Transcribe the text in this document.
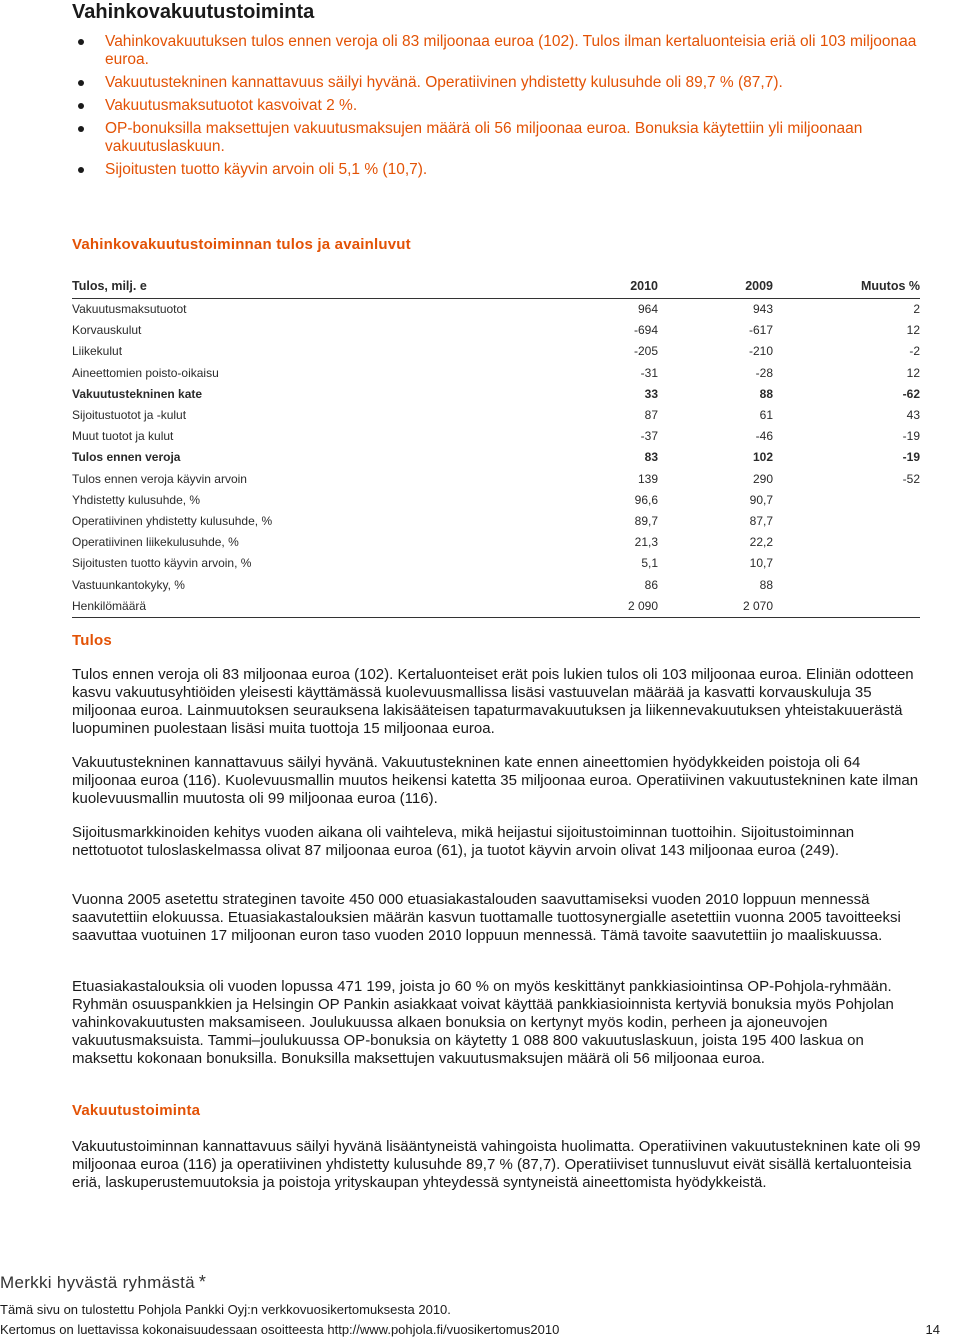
Vahinkovakuutustoiminta
Vahinkovakuutuksen tulos ennen veroja oli 83 miljoonaa euroa (102). Tulos ilman kertaluonteisia eriä oli 103 miljoonaa euroa.
Vakuutustekninen kannattavuus säilyi hyvänä. Operatiivinen yhdistetty kulusuhde oli 89,7 % (87,7).
Vakuutusmaksutuotot kasvoivat 2 %.
OP-bonuksilla maksettujen vakuutusmaksujen määrä oli 56 miljoonaa euroa. Bonuksia käytettiin yli miljoonaan vakuutuslaskuun.
Sijoitusten tuotto käyvin arvoin oli 5,1 % (10,7).
Vahinkovakuutustoiminnan tulos ja avainluvut
Tulos, milj. e	2010	2009	Muutos %
Vakuutusmaksutuotot	964	943	2
Korvauskulut	-694	-617	12
Liikekulut	-205	-210	-2
Aineettomien poisto-oikaisu	-31	-28	12
Vakuutustekninen kate	33	88	-62
Sijoitustuotot ja -kulut	87	61	43
Muut tuotot ja kulut	-37	-46	-19
Tulos ennen veroja	83	102	-19
Tulos ennen veroja käyvin arvoin	139	290	-52
Yhdistetty kulusuhde, %	96,6	90,7	
Operatiivinen yhdistetty kulusuhde, %	89,7	87,7	
Operatiivinen liikekulusuhde, %	21,3	22,2	
Sijoitusten tuotto käyvin arvoin, %	5,1	10,7	
Vastuunkantokyky, %	86	88	
Henkilömäärä	2 090	2 070	
Tulos

Tulos ennen veroja oli 83 miljoonaa euroa (102). Kertaluonteiset erät pois lukien tulos oli 103 miljoonaa euroa. Eliniän odotteen kasvu vakuutusyhtiöiden yleisesti käyttämässä kuolevuusmallissa lisäsi vastuuvelan määrää ja kasvatti korvauskuluja 35 miljoonaa euroa. Lainmuutoksen seurauksena lakisääteisen tapaturmavakuutuksen ja liikennevakuutuksen yhteistakuuerästä luopuminen puolestaan lisäsi muita tuottoja 15 miljoonaa euroa.

Vakuutustekninen kannattavuus säilyi hyvänä. Vakuutustekninen kate ennen aineettomien hyödykkeiden poistoja oli 64 miljoonaa euroa (116). Kuolevuusmallin muutos heikensi katetta 35 miljoonaa euroa. Operatiivinen vakuutustekninen kate ilman kuolevuusmallin muutosta oli 99 miljoonaa euroa (116).

Sijoitusmarkkinoiden kehitys vuoden aikana oli vaihteleva, mikä heijastui sijoitustoiminnan tuottoihin. Sijoitustoiminnan nettotuotot tuloslaskelmassa olivat 87 miljoonaa euroa (61), ja tuotot käyvin arvoin olivat 143 miljoonaa euroa (249).

Vuonna 2005 asetettu strateginen tavoite 450 000 etuasiakastalouden saavuttamiseksi vuoden 2010 loppuun mennessä saavutettiin elokuussa. Etuasiakastalouksien määrän kasvun tuottamalle tuottosynergialle asetettiin vuonna 2005 tavoitteeksi saavuttaa vuotuinen 17 miljoonan euron taso vuoden 2010 loppuun mennessä. Tämä tavoite saavutettiin jo maaliskuussa.

Etuasiakastalouksia oli vuoden lopussa 471 199, joista jo 60 % on myös keskittänyt pankkiasiointinsa OP-Pohjola-ryhmään. Ryhmän osuuspankkien ja Helsingin OP Pankin asiakkaat voivat käyttää pankkiasioinnista kertyviä bonuksia myös Pohjolan vahinkovakuutusten maksamiseen. Joulukuussa alkaen bonuksia on kertynyt myös kodin, perheen ja ajoneuvojen vakuutusmaksuista. Tammi–joulukuussa OP-bonuksia on käytetty 1 088 800 vakuutuslaskuun, joista 195 400 laskua on maksettu kokonaan bonuksilla. Bonuksilla maksettujen vakuutusmaksujen määrä oli 56 miljoonaa euroa.

Vakuutustoiminta

Vakuutustoiminnan kannattavuus säilyi hyvänä lisääntyneistä vahingoista huolimatta. Operatiivinen vakuutustekninen kate oli 99 miljoonaa euroa (116) ja operatiivinen yhdistetty kulusuhde 89,7 % (87,7). Operatiiviset tunnusluvut eivät sisällä kertaluonteisia eriä, laskuperustemuutoksia ja poistoja yrityskaupan yhteydessä syntyneistä aineettomista hyödykkeistä.

Merkki hyvästä ryhmästä *
Tämä sivu on tulostettu Pohjola Pankki Oyj:n verkkovuosikertomuksesta 2010.
Kertomus on luettavissa kokonaisuudessaan osoitteesta http://www.pohjola.fi/vuosikertomus2010	14
